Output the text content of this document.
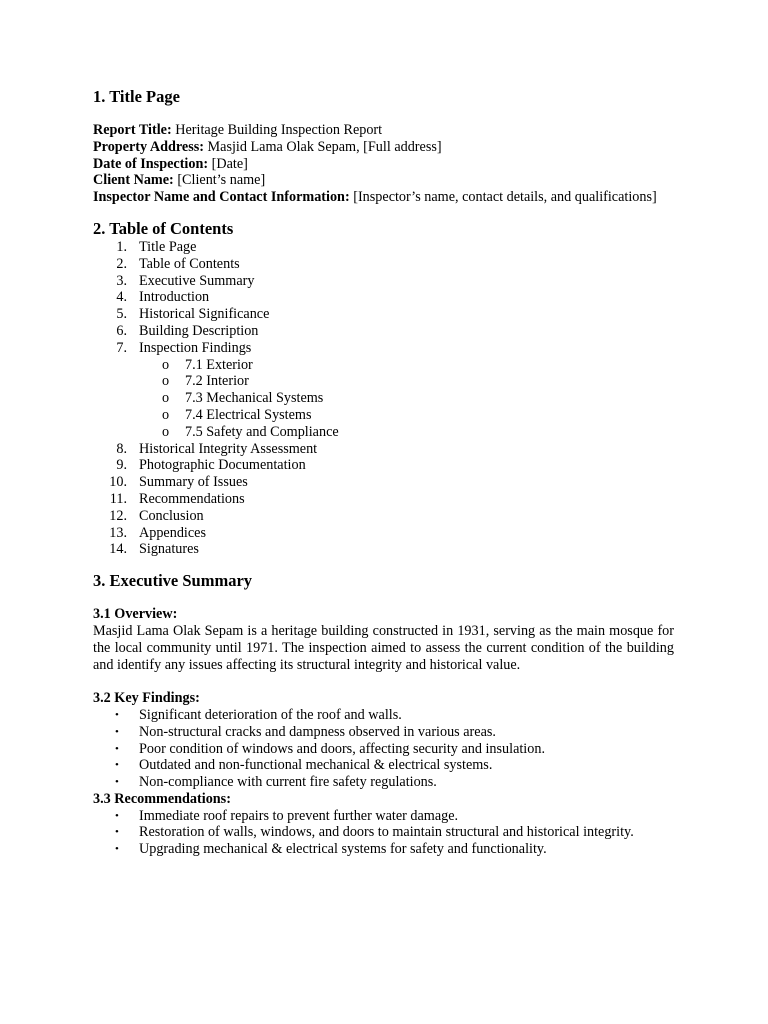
1. Title Page

Report Title: Heritage Building Inspection Report

Property Address: Masjid Lama Olak Sepam, [Full address]

Date of Inspection: [Date]

Client Name: [Client’s name]

Inspector Name and Contact Information: [Inspector’s name, contact details, and qualifications]

2. Table of Contents
1. Title Page
2. Table of Contents
3. Executive Summary
4. Introduction
5. Historical Significance
6. Building Description
7. Inspection Findings
o 7.1 Exterior
o 7.2 Interior
o 7.3 Mechanical Systems
o 7.4 Electrical Systems
o 7.5 Safety and Compliance
8. Historical Integrity Assessment
9. Photographic Documentation
10. Summary of Issues
11. Recommendations
12. Conclusion
13. Appendices
14. Signatures
3. Executive Summary

3.1 Overview:

Masjid Lama Olak Sepam is a heritage building constructed in 1931, serving as the main mosque for the local community until 1971. The inspection aimed to assess the current condition of the building and identify any issues affecting its structural integrity and historical value.

3.2 Key Findings:

• Significant deterioration of the roof and walls.
• Non-structural cracks and dampness observed in various areas.
• Poor condition of windows and doors, affecting security and insulation.
• Outdated and non-functional mechanical & electrical systems.
• Non-compliance with current fire safety regulations.

3.3 Recommendations:

• Immediate roof repairs to prevent further water damage.
• Restoration of walls, windows, and doors to maintain structural and historical integrity.
• Upgrading mechanical & electrical systems for safety and functionality.
